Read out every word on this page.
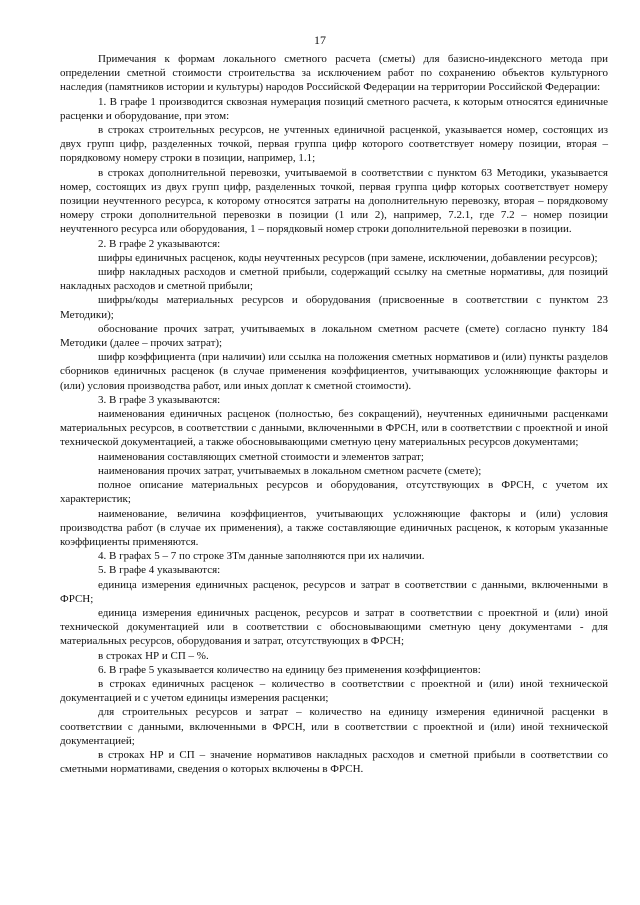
17

Примечания к формам локального сметного расчета (сметы) для базисно-индексного метода при определении сметной стоимости строительства за исключением работ по сохранению объектов культурного наследия (памятников истории и культуры) народов Российской Федерации на территории Российской Федерации:

1. В графе 1 производится сквозная нумерация позиций сметного расчета, к которым относятся единичные расценки и оборудование, при этом:

в строках строительных ресурсов, не учтенных единичной расценкой, указывается номер, состоящих из двух групп цифр, разделенных точкой, первая группа цифр которого соответствует номеру позиции, вторая – порядковому номеру строки в позиции, например, 1.1;

в строках дополнительной перевозки, учитываемой в соответствии с пунктом 63 Методики, указывается номер, состоящих из двух групп цифр, разделенных точкой, первая группа цифр которых соответствует номеру позиции неучтенного ресурса, к которому относятся затраты на дополнительную перевозку, вторая – порядковому номеру строки дополнительной перевозки в позиции (1 или 2), например, 7.2.1, где 7.2 – номер позиции неучтенного ресурса или оборудования, 1 – порядковый номер строки дополнительной перевозки в позиции.

2. В графе 2 указываются:

шифры единичных расценок, коды неучтенных ресурсов (при замене, исключении, добавлении ресурсов);

шифр накладных расходов и сметной прибыли, содержащий ссылку на сметные нормативы, для позиций накладных расходов и сметной прибыли;

шифры/коды материальных ресурсов и оборудования (присвоенные в соответствии с пунктом 23 Методики);

обоснование прочих затрат, учитываемых в локальном сметном расчете (смете) согласно пункту 184 Методики (далее – прочих затрат);

шифр коэффициента (при наличии) или ссылка на положения сметных нормативов и (или) пункты разделов сборников единичных расценок (в случае применения коэффициентов, учитывающих усложняющие факторы и (или) условия производства работ, или иных доплат к сметной стоимости).

3. В графе 3 указываются:

наименования единичных расценок (полностью, без сокращений), неучтенных единичными расценками материальных ресурсов, в соответствии с данными, включенными в ФРСН, или в соответствии с проектной и иной технической документацией, а также обосновывающими сметную цену материальных ресурсов документами;

наименования составляющих сметной стоимости и элементов затрат;

наименования прочих затрат, учитываемых в локальном сметном расчете (смете);

полное описание материальных ресурсов и оборудования, отсутствующих в ФРСН, с учетом их характеристик;

наименование, величина коэффициентов, учитывающих усложняющие факторы и (или) условия производства работ (в случае их применения), а также составляющие единичных расценок, к которым указанные коэффициенты применяются.

4. В графах 5 – 7 по строке ЗТм данные заполняются при их наличии.

5. В графе 4 указываются:

единица измерения единичных расценок, ресурсов и затрат в соответствии с данными, включенными в ФРСН;

единица измерения единичных расценок, ресурсов и затрат в соответствии с проектной и (или) иной технической документацией или в соответствии с обосновывающими сметную цену документами - для материальных ресурсов, оборудования и затрат, отсутствующих в ФРСН;

в строках НР и СП – %.

6. В графе 5 указывается количество на единицу без применения коэффициентов:

в строках единичных расценок – количество в соответствии с проектной и (или) иной технической документацией и с учетом единицы измерения расценки;

для строительных ресурсов и затрат – количество на единицу измерения единичной расценки в соответствии с данными, включенными в ФРСН, или в соответствии с проектной и (или) иной технической документацией;

в строках НР и СП – значение нормативов накладных расходов и сметной прибыли в соответствии со сметными нормативами, сведения о которых включены в ФРСН.
